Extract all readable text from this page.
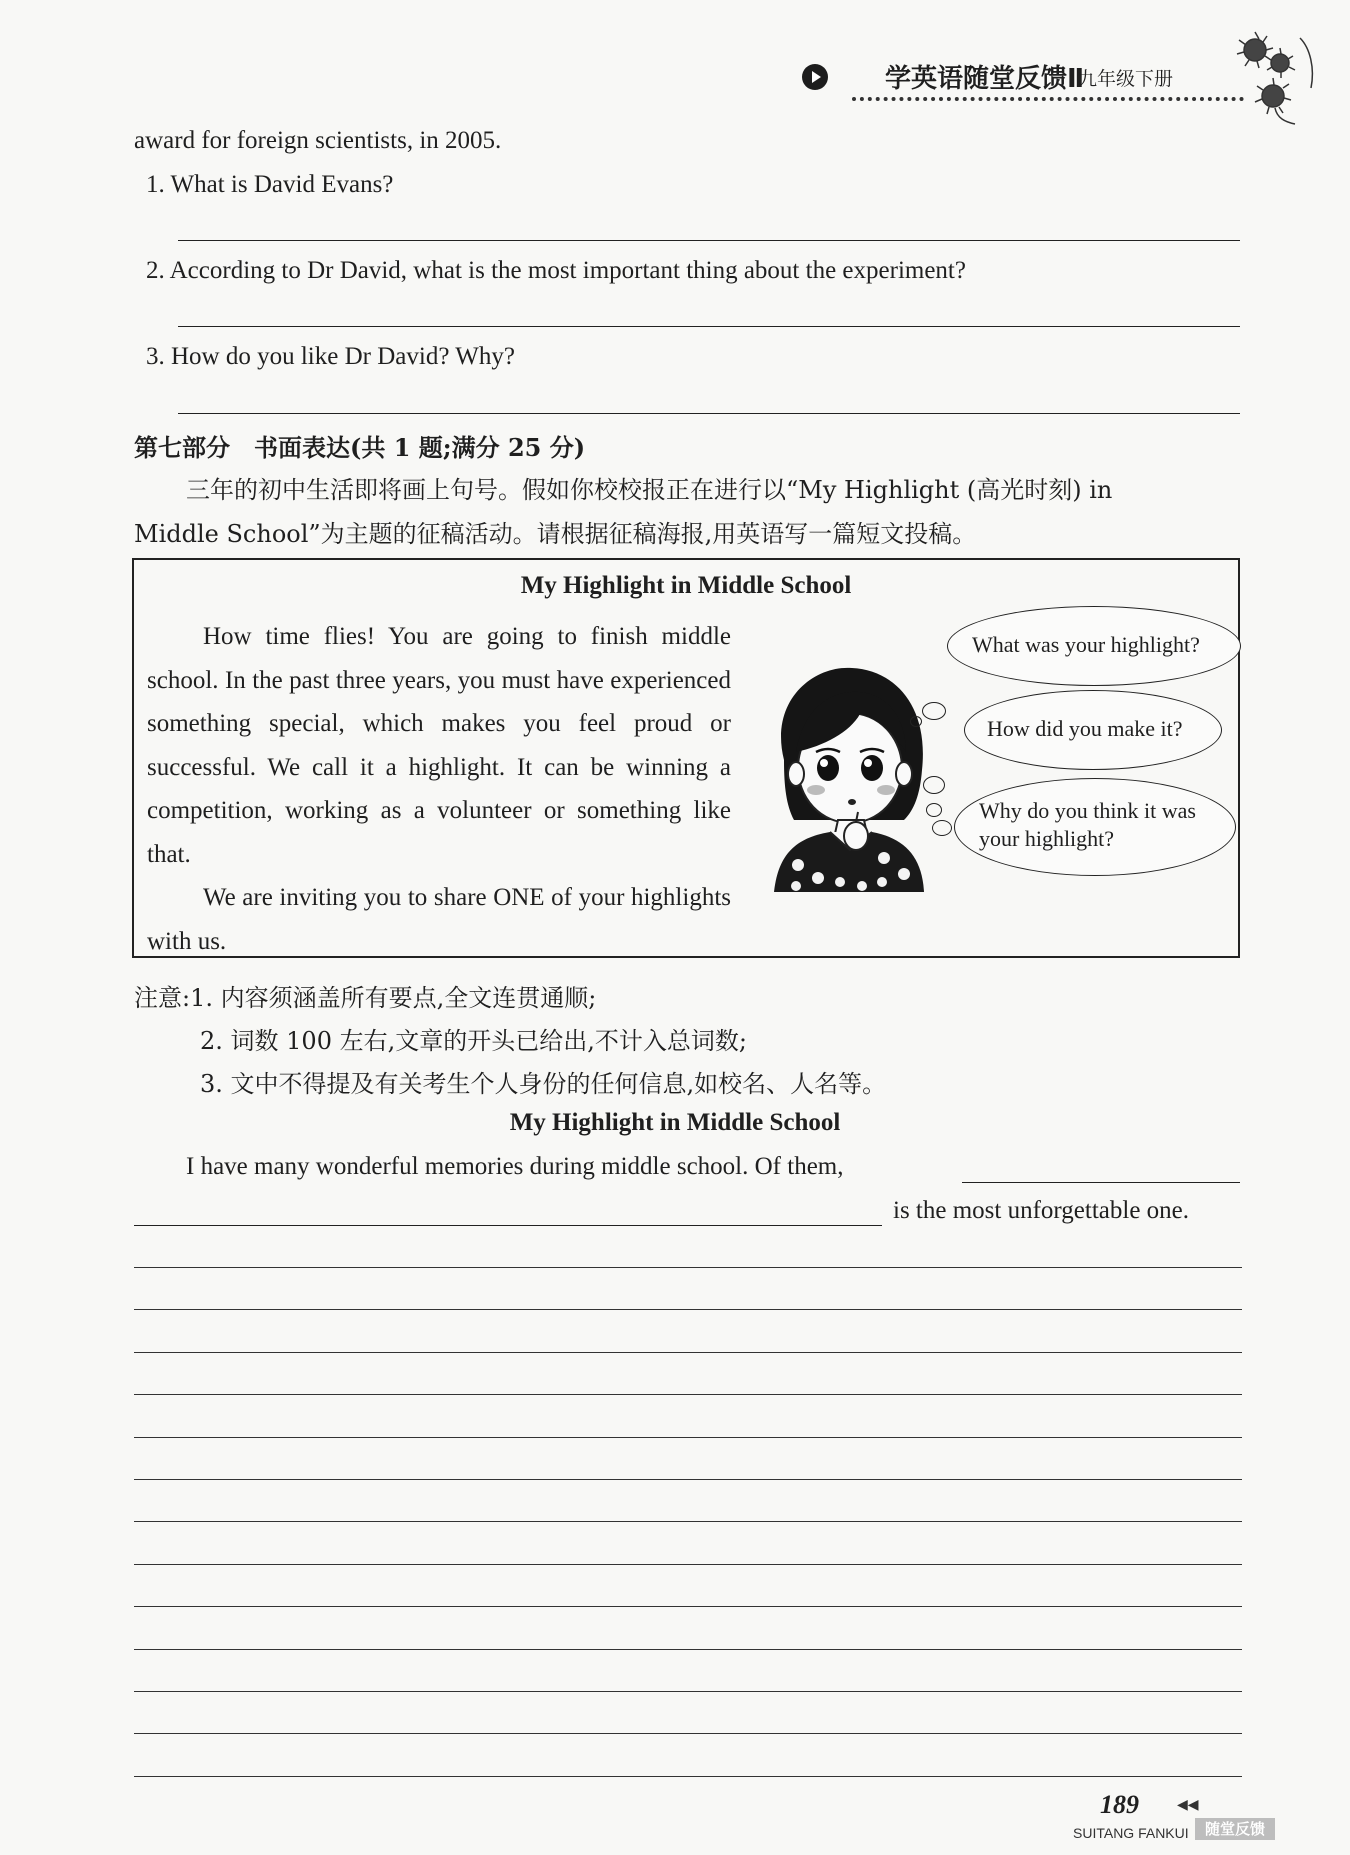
学英语随堂反馈Ⅱ
九年级下册
award for foreign scientists, in 2005.
1. What is David Evans?
2. According to Dr David, what is the most important thing about the experiment?
3. How do you like Dr David? Why?
第七部分　书面表达(共 1 题;满分 25 分)
三年的初中生活即将画上句号。假如你校校报正在进行以“My Highlight (高光时刻) in
Middle School”为主题的征稿活动。请根据征稿海报,用英语写一篇短文投稿。
My Highlight in Middle School

How time flies! You are going to finish middle school. In the past three years, you must have experienced something special, which makes you feel proud or successful. We call it a highlight. It can be winning a competition, working as a volunteer or something like that.

We are inviting you to share ONE of your highlights with us.

What was your highlight?
How did you make it?
Why do you think it was
your highlight?
注意:1. 内容须涵盖所有要点,全文连贯通顺;
2. 词数 100 左右,文章的开头已给出,不计入总词数;
3. 文中不得提及有关考生个人身份的任何信息,如校名、人名等。
My Highlight in Middle School
I have many wonderful memories during middle school. Of them,
is the most unforgettable one.
189	◀◀
SUITANG FANKUI	随堂反馈
